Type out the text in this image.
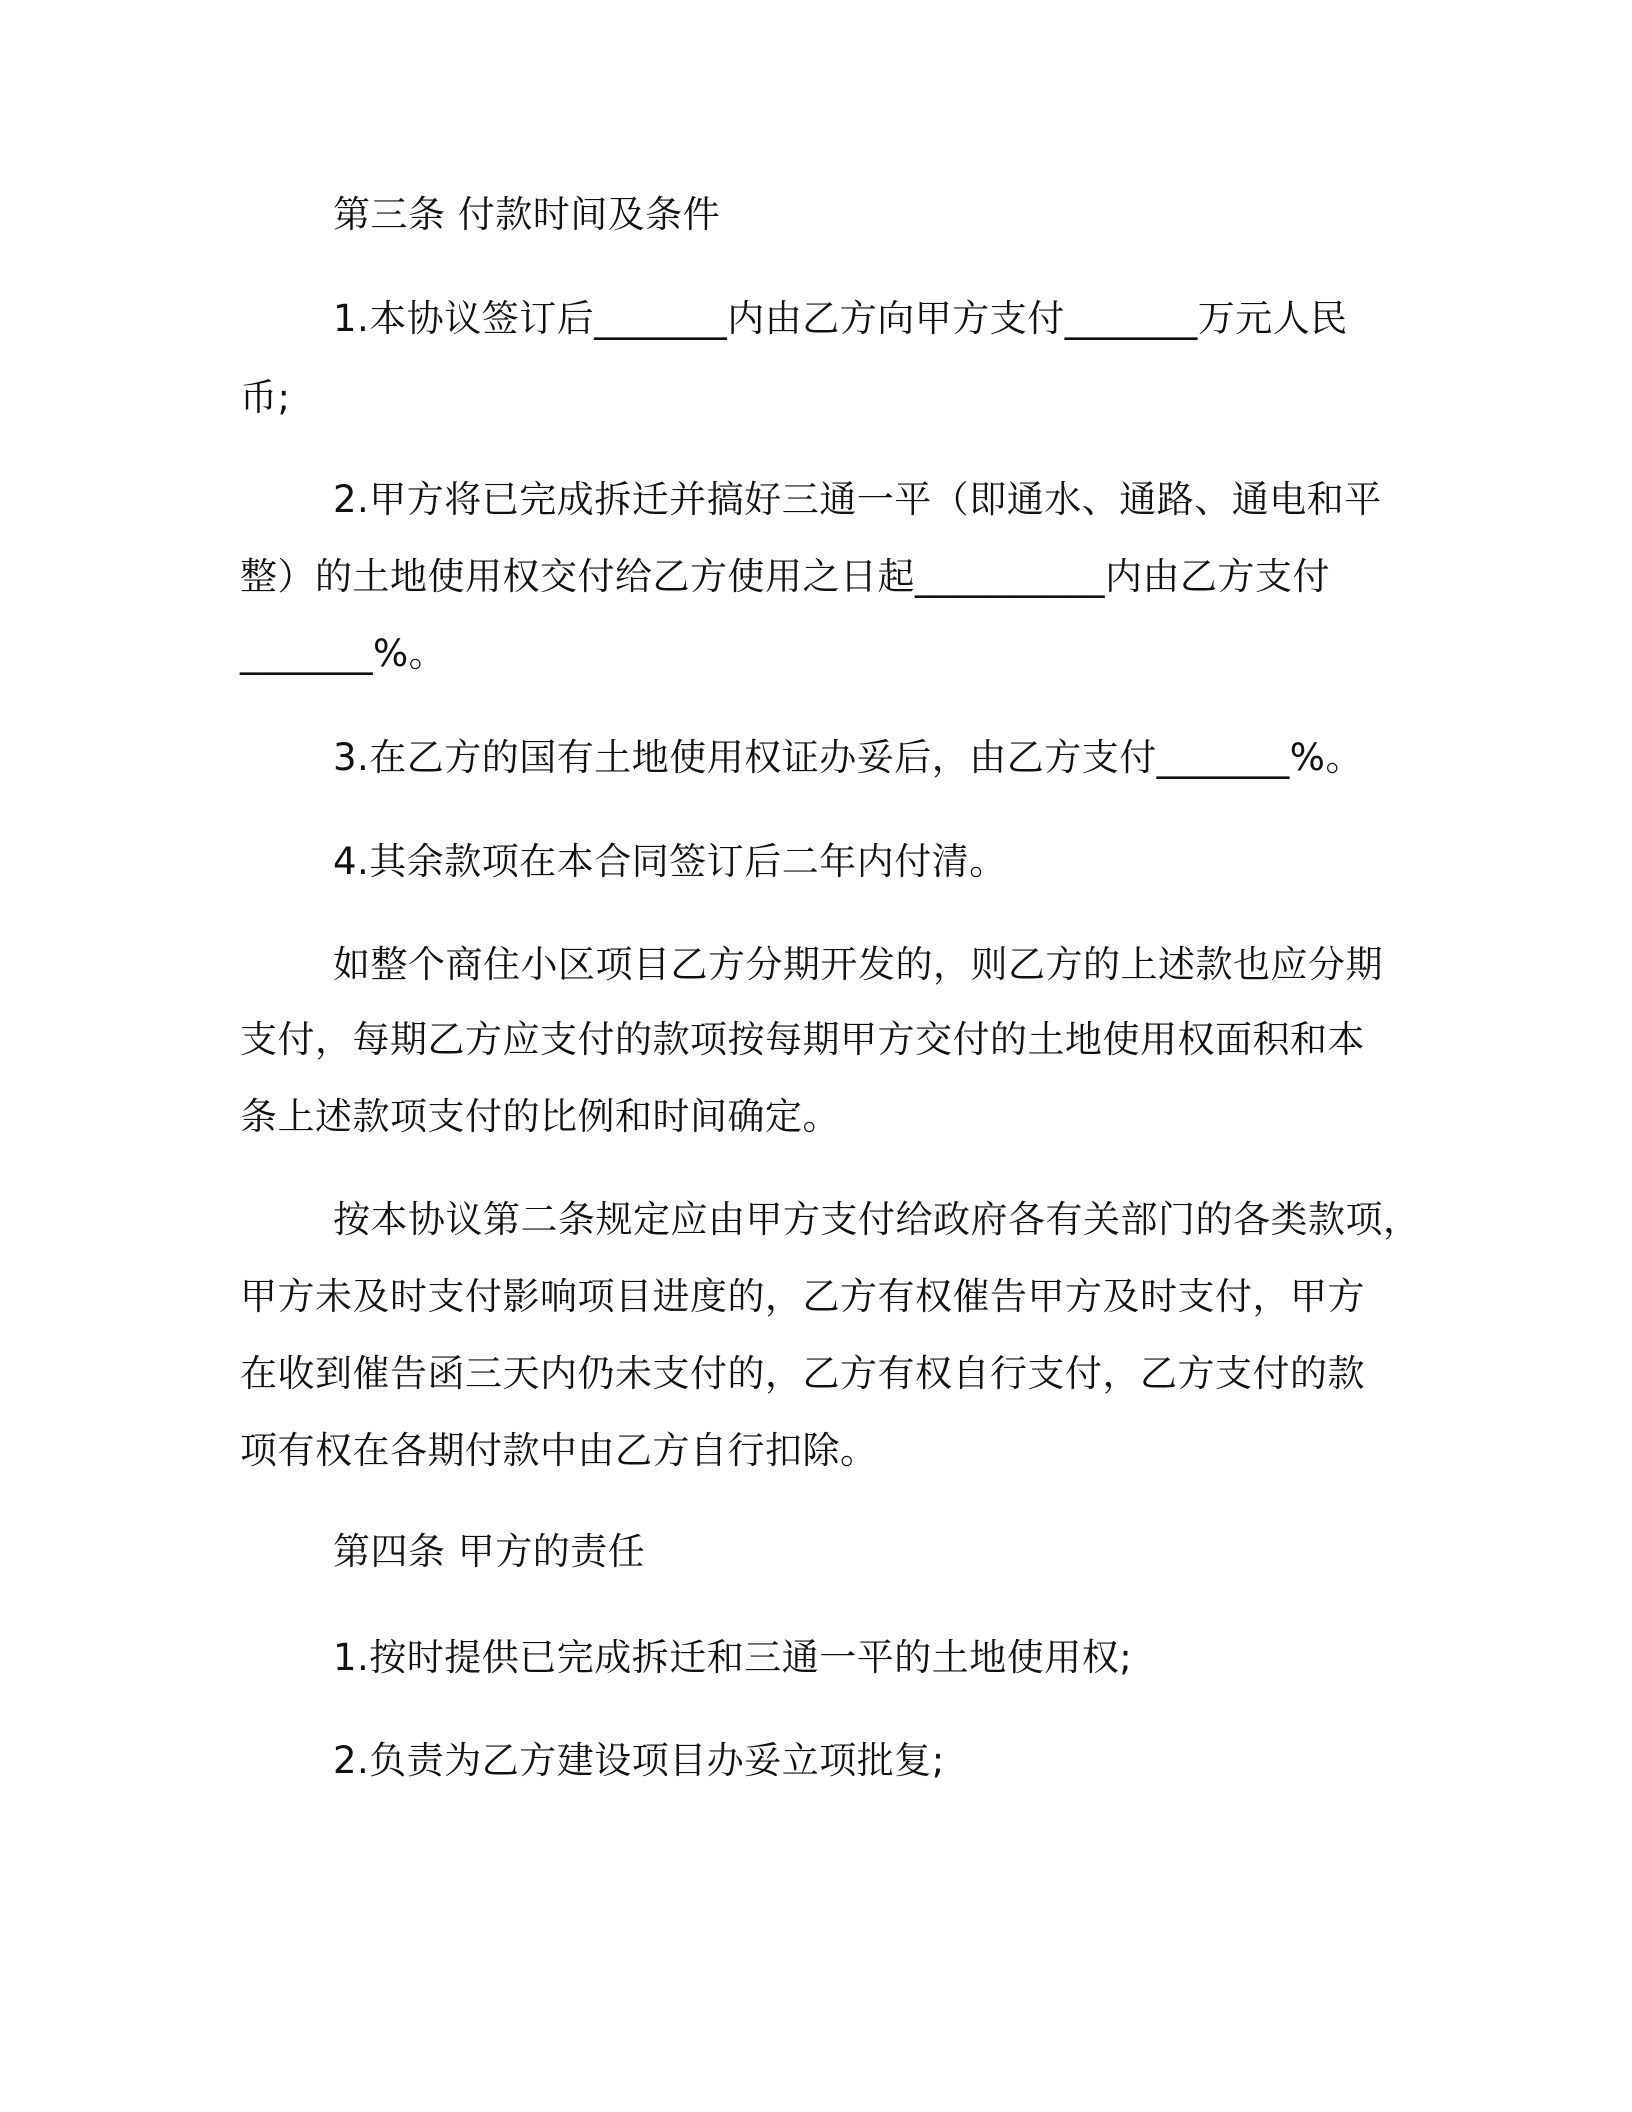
第三条 付款时间及条件

1.本协议签订后_______内由乙方向甲方支付_______万元人民

币;

2.甲方将已完成拆迁并搞好三通一平（即通水、通路、通电和平

整）的土地使用权交付给乙方使用之日起__________内由乙方支付

_______%。

3.在乙方的国有土地使用权证办妥后，由乙方支付_______%。

4.其余款项在本合同签订后二年内付清。

如整个商住小区项目乙方分期开发的，则乙方的上述款也应分期

支付，每期乙方应支付的款项按每期甲方交付的土地使用权面积和本

条上述款项支付的比例和时间确定。

按本协议第二条规定应由甲方支付给政府各有关部门的各类款项，

甲方未及时支付影响项目进度的，乙方有权催告甲方及时支付，甲方

在收到催告函三天内仍未支付的，乙方有权自行支付，乙方支付的款

项有权在各期付款中由乙方自行扣除。

第四条 甲方的责任

1.按时提供已完成拆迁和三通一平的土地使用权;

2.负责为乙方建设项目办妥立项批复;
